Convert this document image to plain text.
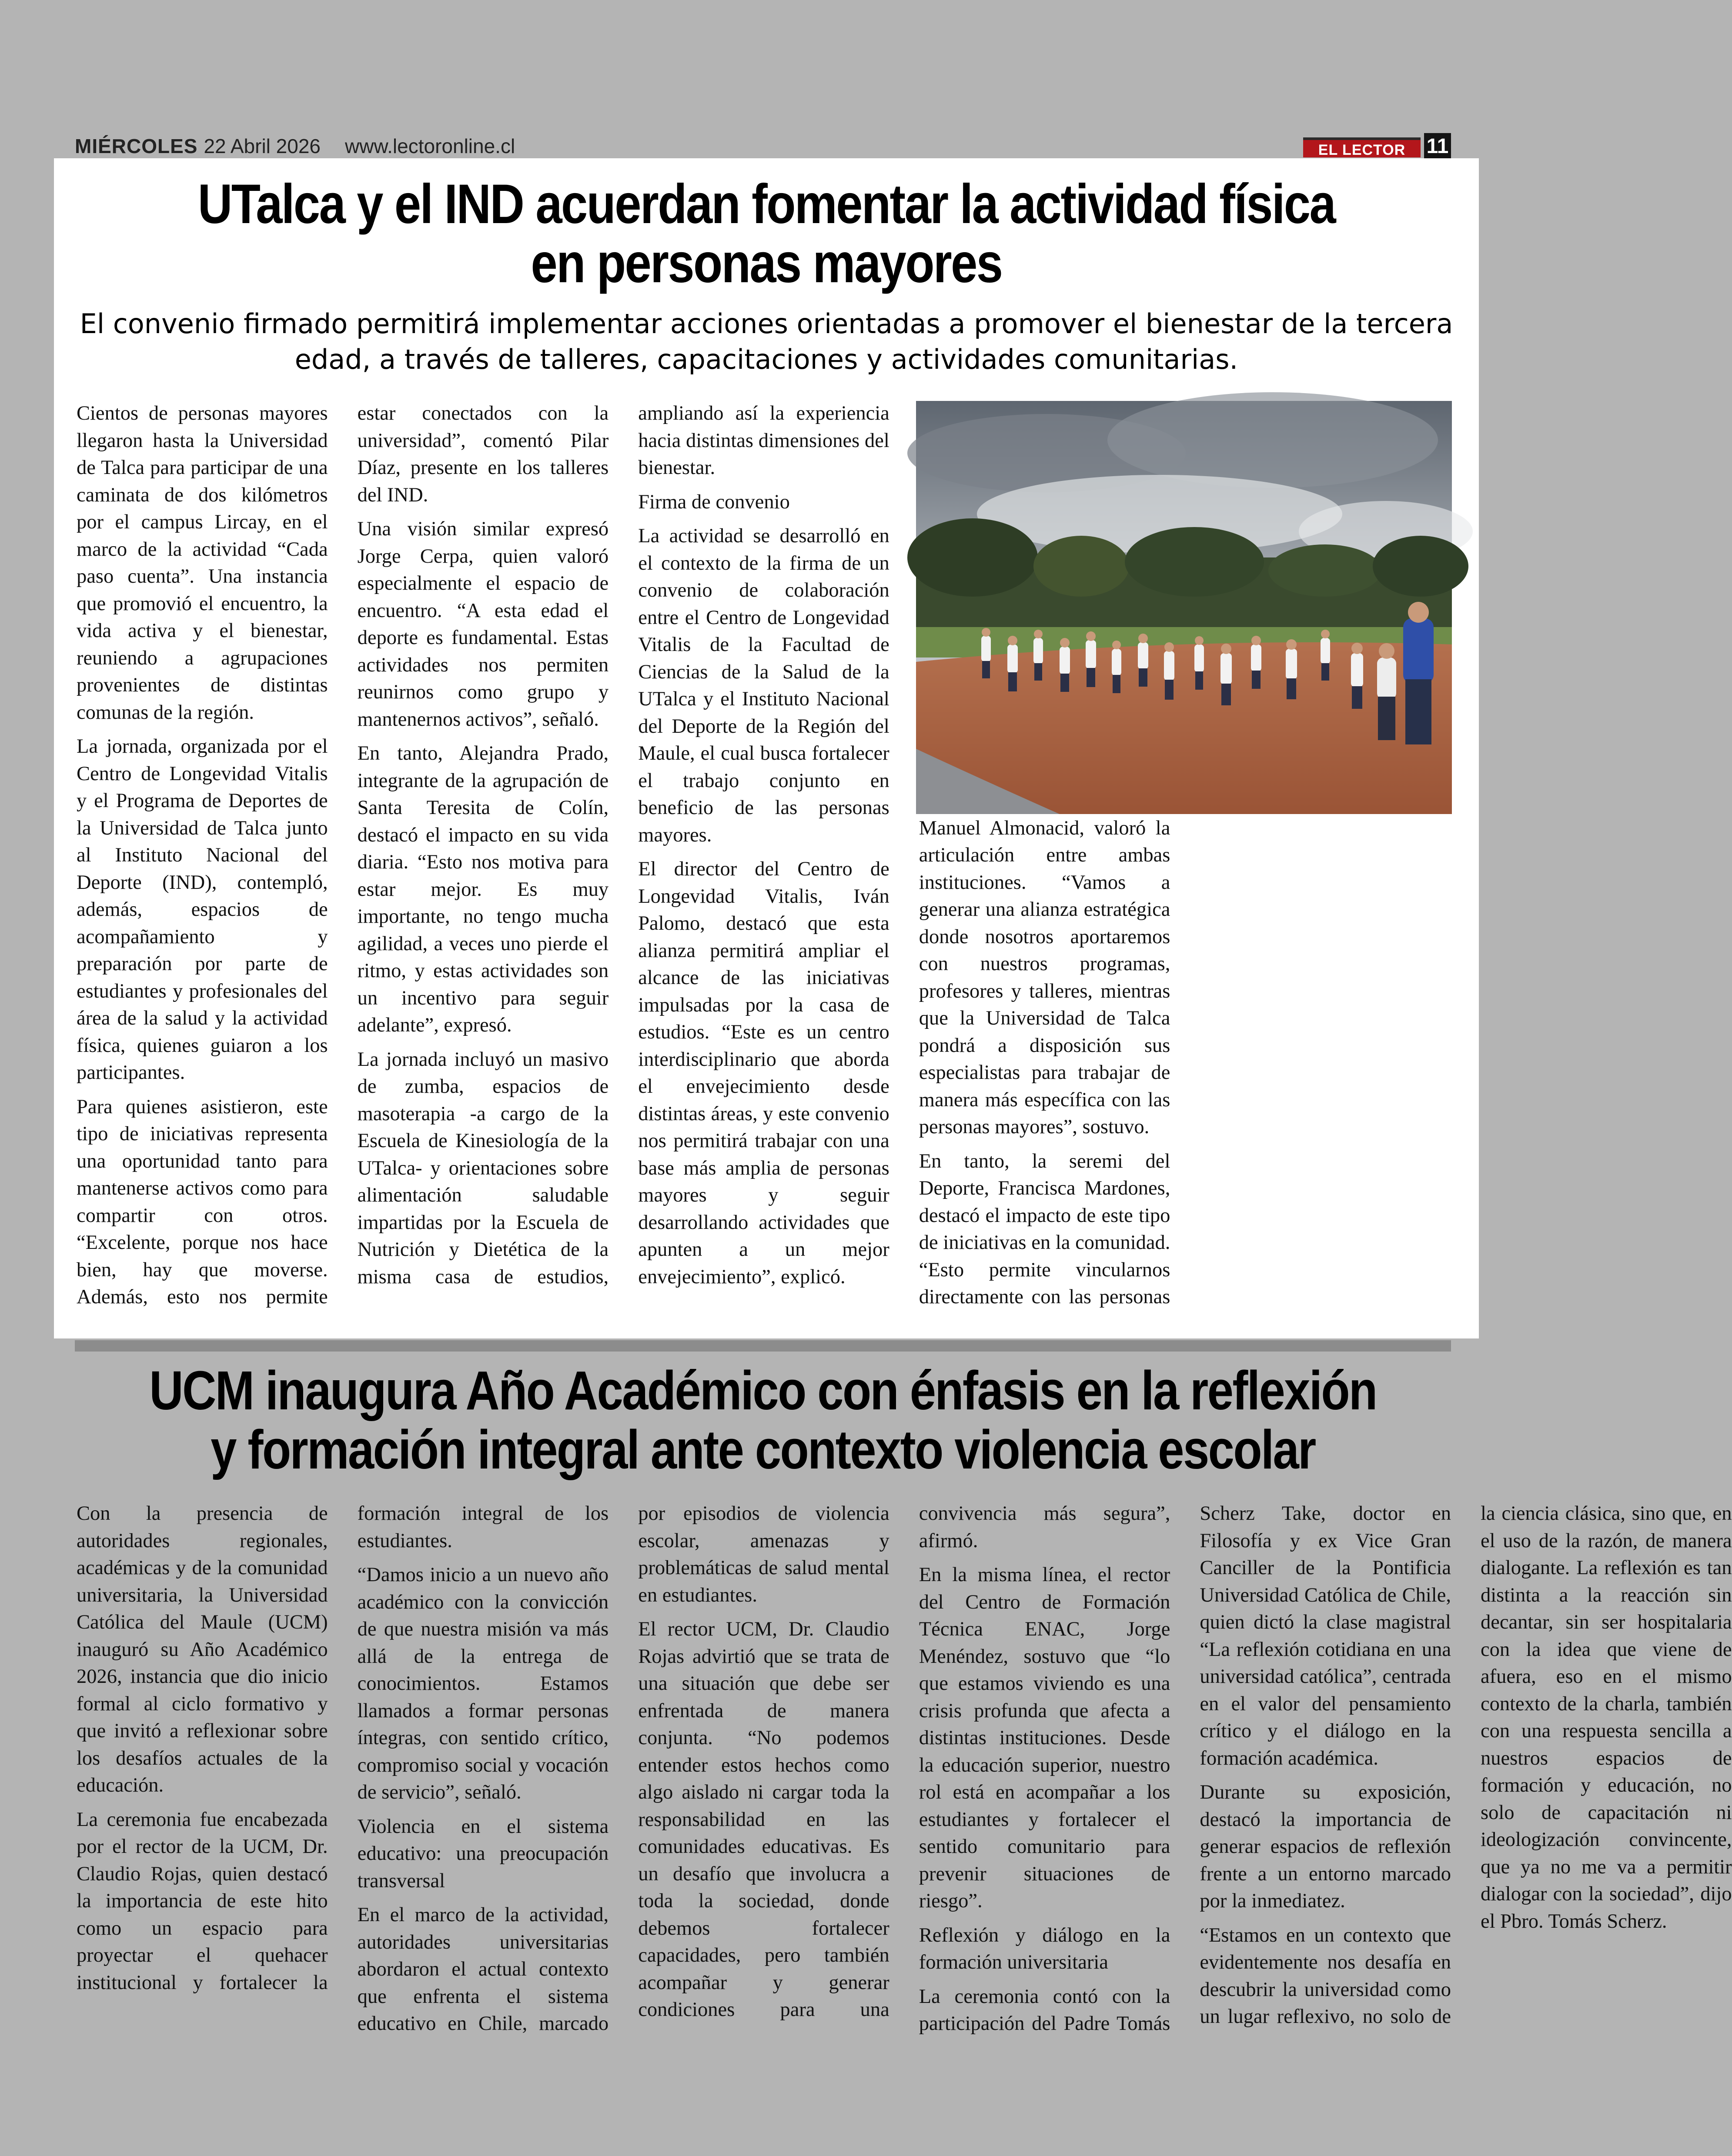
MIÉRCOLES 22 Abril 2026 www.lectoronline.cl	EL LECTOR	11
UTalca y el IND acuerdan fomentar la actividad física
en personas mayores
El convenio firmado permitirá implementar acciones orientadas a promover el bienestar de la tercera edad, a través de talleres, capacitaciones y actividades comunitarias.

Cientos de personas mayores llegaron hasta la Universidad de Talca para participar de una caminata de dos kilómetros por el campus Lircay, en el marco de la actividad “Cada paso cuenta”. Una instancia que promovió el encuentro, la vida activa y el bienestar, reuniendo a agrupaciones provenientes de distintas comunas de la región.

La jornada, organizada por el Centro de Longevidad Vitalis y el Programa de Deportes de la Universidad de Talca junto al Instituto Nacional del Deporte (IND), contempló, además, espacios de acompañamiento y preparación por parte de estudiantes y profesionales del área de la salud y la actividad física, quienes guiaron a los participantes.

Para quienes asistieron, este tipo de iniciativas representa una oportunidad tanto para mantenerse activos como para compartir con otros. “Excelente, porque nos hace bien, hay que moverse. Además, esto nos permite estar conectados con la universidad”, comentó Pilar Díaz, presente en los talleres del IND.

Una visión similar expresó Jorge Cerpa, quien valoró especialmente el espacio de encuentro. “A esta edad el deporte es fundamental. Estas actividades nos permiten reunirnos como grupo y mantenernos activos”, señaló.

En tanto, Alejandra Prado, integrante de la agrupación de Santa Teresita de Colín, destacó el impacto en su vida diaria. “Esto nos motiva para estar mejor. Es muy importante, no tengo mucha agilidad, a veces uno pierde el ritmo, y estas actividades son un incentivo para seguir adelante”, expresó.

La jornada incluyó un masivo de zumba, espacios de masoterapia -a cargo de la Escuela de Kinesiología de la UTalca- y orientaciones sobre alimentación saludable impartidas por la Escuela de Nutrición y Dietética de la misma casa de estudios, ampliando así la experiencia hacia distintas dimensiones del bienestar.

Firma de convenio

La actividad se desarrolló en el contexto de la firma de un convenio de colaboración entre el Centro de Longevidad Vitalis de la Facultad de Ciencias de la Salud de la UTalca y el Instituto Nacional del Deporte de la Región del Maule, el cual busca fortalecer el trabajo conjunto en beneficio de las personas mayores.

El director del Centro de Longevidad Vitalis, Iván Palomo, destacó que esta alianza permitirá ampliar el alcance de las iniciativas impulsadas por la casa de estudios. “Este es un centro interdisciplinario que aborda el envejecimiento desde distintas áreas, y este convenio nos permitirá trabajar con una base más amplia de personas mayores y seguir desarrollando actividades que apunten a un mejor envejecimiento”, explicó.

Manuel Almonacid, valoró la articulación entre ambas instituciones. “Vamos a generar una alianza estratégica donde nosotros aportaremos con nuestros programas, profesores y talleres, mientras que la Universidad de Talca pondrá a disposición sus especialistas para trabajar de manera más específica con las personas mayores”, sostuvo.

En tanto, la seremi del Deporte, Francisca Mardones, destacó el impacto de este tipo de iniciativas en la comunidad. “Esto permite vincularnos directamente con las personas

UCM inaugura Año Académico con énfasis en la reflexión
y formación integral ante contexto violencia escolar

Con la presencia de autoridades regionales, académicas y de la comunidad universitaria, la Universidad Católica del Maule (UCM) inauguró su Año Académico 2026, instancia que dio inicio formal al ciclo formativo y que invitó a reflexionar sobre los desafíos actuales de la educación.

La ceremonia fue encabezada por el rector de la UCM, Dr. Claudio Rojas, quien destacó la importancia de este hito como un espacio para proyectar el quehacer institucional y fortalecer la formación integral de los estudiantes.

“Damos inicio a un nuevo año académico con la convicción de que nuestra misión va más allá de la entrega de conocimientos. Estamos llamados a formar personas íntegras, con sentido crítico, compromiso social y vocación de servicio”, señaló.

Violencia en el sistema educativo: una preocupación transversal

En el marco de la actividad, autoridades universitarias abordaron el actual contexto que enfrenta el sistema educativo en Chile, marcado por episodios de violencia escolar, amenazas y problemáticas de salud mental en estudiantes.

El rector UCM, Dr. Claudio Rojas advirtió que se trata de una situación que debe ser enfrentada de manera conjunta. “No podemos entender estos hechos como algo aislado ni cargar toda la responsabilidad en las comunidades educativas. Es un desafío que involucra a toda la sociedad, donde debemos fortalecer capacidades, pero también acompañar y generar condiciones para una convivencia más segura”, afirmó.

En la misma línea, el rector del Centro de Formación Técnica ENAC, Jorge Menéndez, sostuvo que “lo que estamos viviendo es una crisis profunda que afecta a distintas instituciones. Desde la educación superior, nuestro rol está en acompañar a los estudiantes y fortalecer el sentido comunitario para prevenir situaciones de riesgo”.

Reflexión y diálogo en la formación universitaria

La ceremonia contó con la participación del Padre Tomás Scherz Take, doctor en Filosofía y ex Vice Gran Canciller de la Pontificia Universidad Católica de Chile, quien dictó la clase magistral “La reflexión cotidiana en una universidad católica”, centrada en el valor del pensamiento crítico y el diálogo en la formación académica.

Durante su exposición, destacó la importancia de generar espacios de reflexión frente a un entorno marcado por la inmediatez.

“Estamos en un contexto que evidentemente nos desafía en descubrir la universidad como un lugar reflexivo, no solo de la ciencia clásica, sino que, en el uso de la razón, de manera dialogante. La reflexión es tan distinta a la reacción sin decantar, sin ser hospitalaria con la idea que viene de afuera, eso en el mismo contexto de la charla, también con una respuesta sencilla a nuestros espacios de formación y educación, no solo de capacitación ni ideologización convincente, que ya no me va a permitir dialogar con la sociedad”, dijo el Pbro. Tomás Scherz.
